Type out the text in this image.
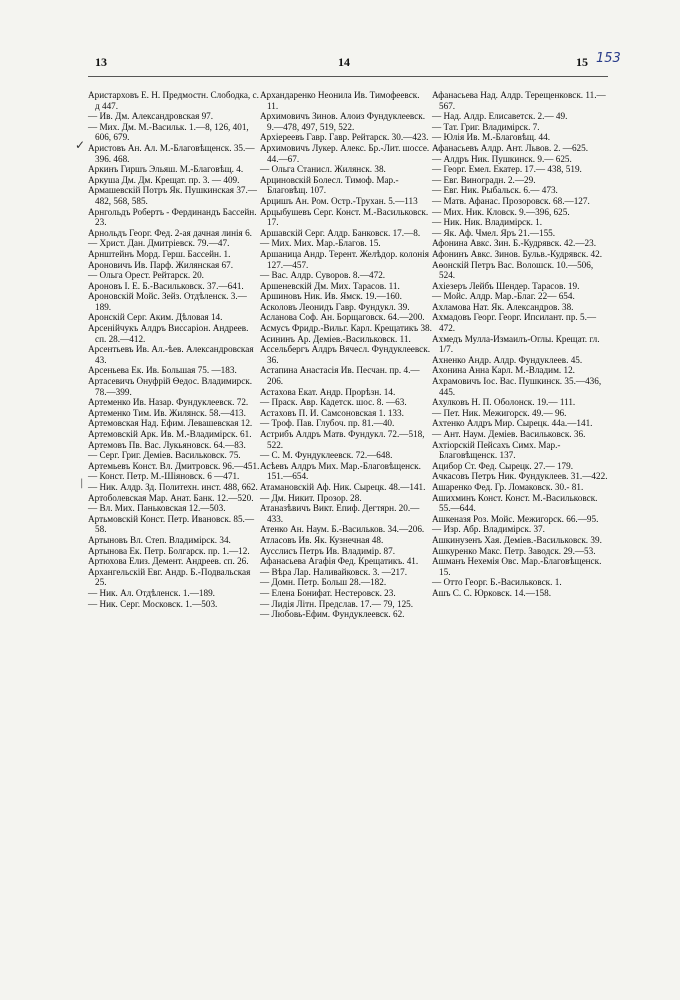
13	14	15 153
✓
|

Аристарховъ Е. Н. Предмостн. Слободка, с. д 447.

— Ив. Дм. Александровская 97.

— Мих. Дм. М.-Васильк. 1.—8, 126, 401, 606, 679.

Аристовъ Ан. Ал. М.-Благовѣщенск. 35.—396. 468.

Аркинъ Гиршъ Эльяш. М.-Благовѣщ. 4.

Аркуша Дм. Дм. Крещат. пр. 3. — 409.

Армашевскій Потръ Як. Пушкинская 37.—482, 568, 585.

Арнгольдъ Робертъ - Фердинандъ Бассейн. 23.

Арнольдъ Георг. Фед. 2-ая дачная линія 6.

— Христ. Дан. Дмитріевск. 79.—47.

Арнштейнъ Морд. Герш. Бассейн. 1.

Ароновичъ Ив. Парф. Жилянская 67.

— Ольга Орест. Рейтарск. 20.

Ароновъ І. Е. Б.-Васильковск. 37.—641.

Ароновскій Мойс. Зейз. Отдѣленск. 3.—189.

Аронскій Серг. Аким. Дѣловая 14.

Арсенійчукъ Алдръ Виссаріон. Андреев. сп. 28.—412.

Арсентьевъ Ив. Ал.-ѣев. Александровская 43.

Арсеньева Ек. Ив. Большая 75. —183.

Артасевичъ Онуфрій Ѳедос. Владимирск. 78.—399.

Артеменко Ив. Назар. Фундуклеевск. 72.

Артеменко Тим. Ив. Жилянск. 58.—413.

Артемовская Над. Ефим. Левашевская 12.

Артемовскій Арк. Ив. М.-Владимірск. 61.

Артемовъ Пв. Вас. Лукьяновск. 64.—83.

— Серг. Григ. Деміев. Васильковск. 75.

Артемьевъ Конст. Вл. Дмитровск. 96.—451.

— Конст. Петр. М.-Шіяновск. 6 —471.

— Ник. Алдр. Зд. Политехн. инст. 488, 662.

Артоболевская Мар. Анат. Банк. 12.—520.

— Вл. Мих. Паньковская 12.—503.

Артьмовскій Конст. Петр. Ивановск. 85.—58.

Артыновъ Вл. Степ. Владимірск. 34.

Артынова Ек. Петр. Болгарск. пр. 1.—12.

Артюхова Елиз. Демент. Андреев. сп. 26.

Архангельскій Евг. Андр. Б.-Подвальская 25.

— Ник. Ал. Отдѣленск. 1.—189.

— Ник. Серг. Московск. 1.—503.

Архандаренко Неонила Ив. Тимофеевск. 11.

Архимовичъ Зинов. Алоиз Фундуклеевск. 9.—478, 497, 519, 522.

Архіереевъ Гавр. Гавр. Рейтарск. 30.—423.

Архимовичъ Лукер. Алекс. Бр.-Лит. шоссе. 44.—67.

— Ольга Станисл. Жилянск. 38.

Арциновскій Болесл. Тимоф. Мар.-Благовѣщ. 107.

Арцишъ Ан. Ром. Остр.-Трухан. 5.—113

Арцыбушевъ Серг. Конст. М.-Васильковск. 17.

Аршавскій Серг. Алдр. Банковск. 17.—8.

— Мих. Мих. Мар.-Благов. 15.

Аршаница Андр. Терент. Желѣдор. колонія 127.—457.

— Вас. Алдр. Суворов. 8.—472.

Аршеневскій Дм. Мих. Тарасов. 11.

Аршиновъ Ник. Ив. Ямск. 19.—160.

Асколовъ Леонидъ Гавр. Фундукл. 39.

Асланова Соф. Ан. Борщаговск. 64.—200.

Асмусъ Фридр.-Вильг. Карл. Крещатикъ 38.

Асининъ Ар. Деміев.-Васильковск. 11.

Ассельбергъ Алдръ Вячесл. Фундуклеевск. 36.

Астапина Анастасія Ив. Песчан. пр. 4.—206.

Астахова Екат. Андр. Прорѣзн. 14.

— Праск. Авр. Кадетск. шос. 8. —63.

Астаховъ П. И. Самсоновская 1. 133.

— Троф. Пав. Глубоч. пр. 81.—40.

Астрибъ Алдръ Матв. Фундукл. 72.—518, 522.

— С. М. Фундуклеевск. 72.—648.

Асѣевъ Алдръ Мих. Мар.-Благовѣщенск. 151.—654.

Атамановскій Аф. Ник. Сырецк. 48.—141.

— Дм. Никит. Прозор. 28.

Атаназѣвичъ Викт. Епиф. Дегтярн. 20.—433.

Атенко Ан. Наум. Б.-Васильков. 34.—206.

Атласовъ Ив. Як. Кузнечная 48.

Аусслисъ Петръ Ив. Владимір. 87.

Афанасьева Агафія Фед. Крещатикъ. 41.

— Вѣра Лар. Наливайковск. 3. —217.

— Домн. Петр. Больш 28.—182.

— Елена Бонифат. Нестеровск. 23.

— Лидія Літн. Предслав. 17.— 79, 125.

— Любовь-Ефим. Фундуклеевск. 62.

Афанасьева Над. Алдр. Терещенковск. 11.—567.

— Над. Алдр. Елисаветск. 2.— 49.

— Тат. Григ. Владимірск. 7.

— Юлія Ив. М.-Благовѣщ. 44.

Афанасьевъ Алдр. Ант. Львов. 2. —625.

— Алдръ Ник. Пушкинск. 9.— 625.

— Георг. Емел. Екатер. 17.— 438, 519.

— Евг. Виноградн. 2.—29.

— Евг. Ник. Рыбальск. 6.— 473.

— Матв. Афанас. Прозоровск. 68.—127.

— Мих. Ник. Кловск. 9.—396, 625.

— Ник. Ник. Владимірск. 1.

— Як. Аф. Чмел. Яръ 21.—155.

Афонина Авкс. Зин. Б.-Кудрявск. 42.—23.

Афонинъ Авкс. Зинов. Бульв.-Кудрявск. 42.

Аѳонскій Петръ Вас. Волошск. 10.—506, 524.

Ахіезеръ Лейбъ Шендер. Тарасов. 19.

— Мойс. Алдр. Мар.-Благ. 22— 654.

Ахламова Нат. Як. Александров. 38.

Ахмадовъ Георг. Георг. Ипсилант. пр. 5.—472.

Ахмедъ Мулла-Измаилъ-Оглы. Крещат. гл. 1/7.

Ахненко Андр. Алдр. Фундуклеев. 45.

Ахонина Анна Карл. М.-Владим. 12.

Ахрамовичъ Іос. Вас. Пушкинск. 35.—436, 445.

Ахулковъ Н. П. Оболонск. 19.— 111.

— Пет. Ник. Межигорск. 49.— 96.

Ахтенко Алдръ Мир. Сырецк. 44а.—141.

— Ант. Наум. Деміев. Васильковск. 36.

Ахтіорскій Пейсахъ Симх. Мар.-Благовѣщенск. 137.

Ацибор Ст. Фед. Сырецк. 27.— 179.

Ачкасовъ Петръ Ник. Фундуклеев. 31.—422.

Ашаренко Фед. Гр. Ломаковск. 30.- 81.

Ашихминъ Конст. Конст. М.-Васильковск. 55.—644.

Ашкеназя Роз. Мойс. Межигорск. 66.—95.

— Изр. Абр. Владимірск. 37.

Ашкинузенъ Хая. Деміев.-Васильковск. 39.

Ашкуренко Макс. Петр. Заводск. 29.—53.

Ашманъ Нехемія Овс. Мар.-Благовѣщенск. 15.

— Отто Георг. Б.-Васильковск. 1.

Ашъ С. С. Юрковск. 14.—158.
